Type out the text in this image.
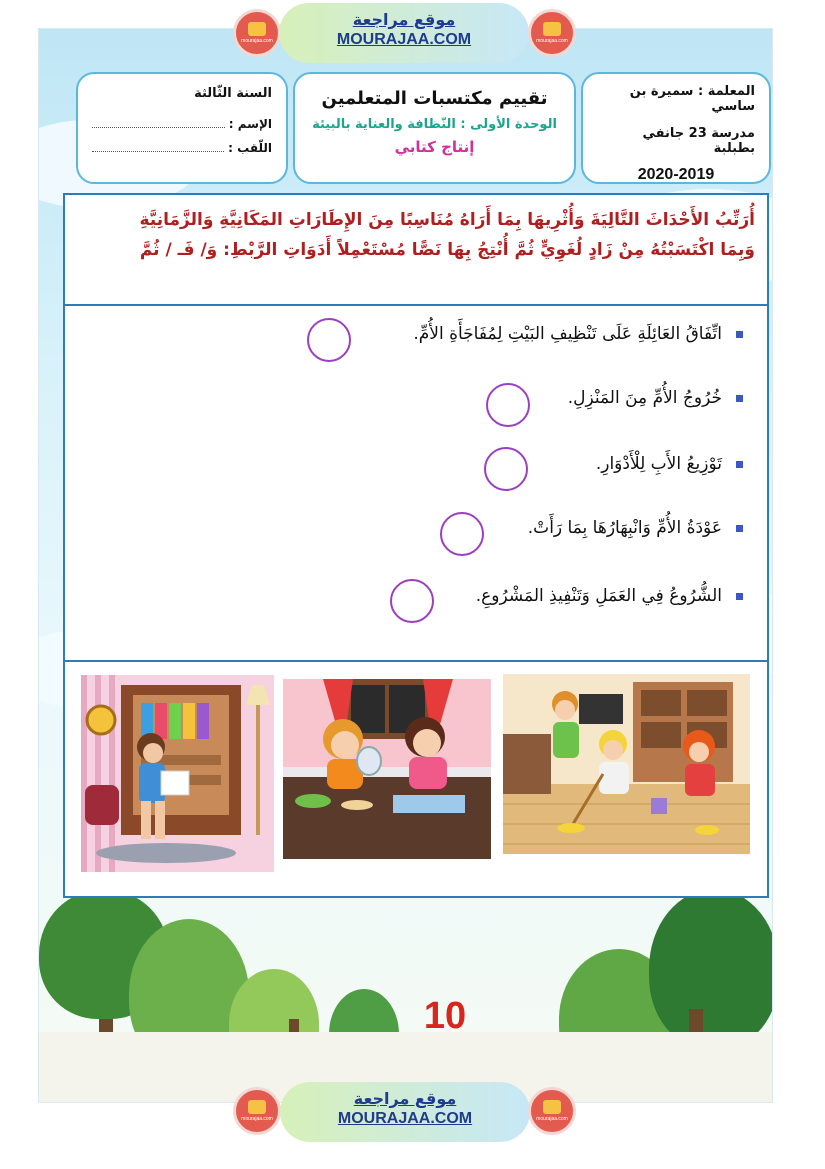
mourajaa.com
موقع مراجعة
MOURAJAA.COM	mourajaa.com
المعلمة : سميرة بن ساسي
مدرسة 23 جانفي بطبلبة
2020-2019
تقييم مكتسبات المتعلمين
الوحدة الأولى : النّظافة والعناية بالبيئة
إنتاج كتابي
السنة الثّالثة
الإسم :
اللّقب :

أُرَتِّبُ الأَحْدَاثَ التَّالِيَةَ وَأُثْرِيهَا بِمَا أَرَاهُ مُنَاسِبًا مِنَ الإِطَارَاتِ المَكَانِيَّةِ وَالزَّمَانِيَّةِ

وَبِمَا اكْتَسَبْتُهُ مِنْ زَادٍ لُغَوِيٍّ ثُمَّ أُنْتِجُ بِهَا نَصًّا مُسْتَعْمِلاً أَدَوَاتِ الرَّبْطِ: وَ/ فَـ / ثُمَّ

اتِّفَاقُ العَائِلَةِ عَلَى تَنْظِيفِ البَيْتِ لِمُفَاجَأَةِ الأُمِّ.
خُرُوجُ الأُمِّ مِنَ المَنْزِلِ.
تَوْزِيعُ الأَبِ لِلْأَدْوَارِ.
عَوْدَةُ الأُمِّ وَانْبِهَارُهَا بِمَا رَأَتْ.
الشُّرُوعُ فِي العَمَلِ وَتَنْفِيذِ المَشْرُوعِ.
10
mourajaa.com
موقع مراجعة
MOURAJAA.COM	mourajaa.com
